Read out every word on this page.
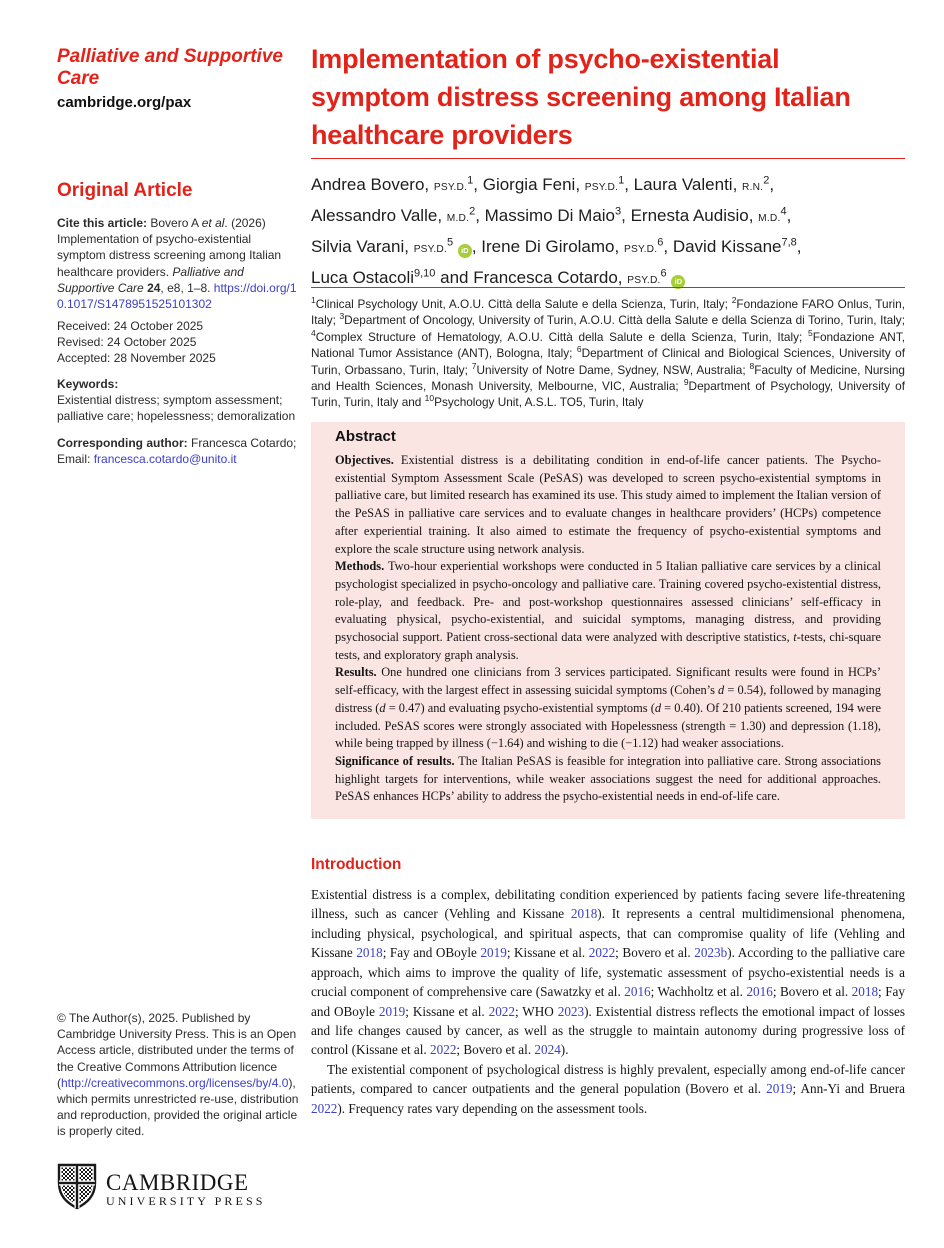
Palliative and Supportive Care
cambridge.org/pax
Original Article
Cite this article: Bovero A et al. (2026) Implementation of psycho-existential symptom distress screening among Italian healthcare providers. Palliative and Supportive Care 24, e8, 1–8. https://doi.org/10.1017/S1478951525101302
Received: 24 October 2025
Revised: 24 October 2025
Accepted: 28 November 2025
Keywords:
Existential distress; symptom assessment; palliative care; hopelessness; demoralization
Corresponding author: Francesca Cotardo;
Email: francesca.cotardo@unito.it
© The Author(s), 2025. Published by Cambridge University Press. This is an Open Access article, distributed under the terms of the Creative Commons Attribution licence (http://creativecommons.org/licenses/by/4.0), which permits unrestricted re-use, distribution and reproduction, provided the original article is properly cited.
CAMBRIDGE
UNIVERSITY PRESS
Implementation of psycho-existential
symptom distress screening among Italian
healthcare providers
Andrea Bovero, PSY.D.$^1$, Giorgia Feni, PSY.D.$^1$, Laura Valenti, R.N.$^2$,
Alessandro Valle, M.D.$^2$, Massimo Di Maio$^3$, Ernesta Audisio, M.D.$^4$,
Silvia Varani, PSY.D.$^5$ iD , Irene Di Girolamo, PSY.D.$^6$, David Kissane$^{7,8}$,
Luca Ostacoli$^{9,10}$ and Francesca Cotardo, PSY.D.$^6$ iD
$^1$Clinical Psychology Unit, A.O.U. Città della Salute e della Scienza, Turin, Italy; $^2$Fondazione FARO Onlus, Turin, Italy; $^3$Department of Oncology, University of Turin, A.O.U. Città della Salute e della Scienza di Torino, Turin, Italy; $^4$Complex Structure of Hematology, A.O.U. Città della Salute e della Scienza, Turin, Italy; $^5$Fondazione ANT, National Tumor Assistance (ANT), Bologna, Italy; $^6$Department of Clinical and Biological Sciences, University of Turin, Orbassano, Turin, Italy; $^7$University of Notre Dame, Sydney, NSW, Australia; $^8$Faculty of Medicine, Nursing and Health Sciences, Monash University, Melbourne, VIC, Australia; $^9$Department of Psychology, University of Turin, Turin, Italy and $^{10}$Psychology Unit, A.S.L. TO5, Turin, Italy
Abstract

Objectives. Existential distress is a debilitating condition in end-of-life cancer patients. The Psycho-existential Symptom Assessment Scale (PeSAS) was developed to screen psycho-existential symptoms in palliative care, but limited research has examined its use. This study aimed to implement the Italian version of the PeSAS in palliative care services and to evaluate changes in healthcare providers’ (HCPs) competence after experiential training. It also aimed to estimate the frequency of psycho-existential symptoms and explore the scale structure using network analysis.

Methods. Two-hour experiential workshops were conducted in 5 Italian palliative care services by a clinical psychologist specialized in psycho-oncology and palliative care. Training covered psycho-existential distress, role-play, and feedback. Pre- and post-workshop questionnaires assessed clinicians’ self-efficacy in evaluating physical, psycho-existential, and suicidal symptoms, managing distress, and providing psychosocial support. Patient cross-sectional data were analyzed with descriptive statistics, t-tests, chi-square tests, and exploratory graph analysis.

Results. One hundred one clinicians from 3 services participated. Significant results were found in HCPs’ self-efficacy, with the largest effect in assessing suicidal symptoms (Cohen’s d = 0.54), followed by managing distress (d = 0.47) and evaluating psycho-existential symptoms (d = 0.40). Of 210 patients screened, 194 were included. PeSAS scores were strongly associated with Hopelessness (strength = 1.30) and depression (1.18), while being trapped by illness (−1.64) and wishing to die (−1.12) had weaker associations.

Significance of results. The Italian PeSAS is feasible for integration into palliative care. Strong associations highlight targets for interventions, while weaker associations suggest the need for additional approaches. PeSAS enhances HCPs’ ability to address the psycho-existential needs in end-of-life care.

Introduction

Existential distress is a complex, debilitating condition experienced by patients facing severe life-threatening illness, such as cancer (Vehling and Kissane 2018). It represents a central multidimensional phenomena, including physical, psychological, and spiritual aspects, that can compromise quality of life (Vehling and Kissane 2018; Fay and OBoyle 2019; Kissane et al. 2022; Bovero et al. 2023b). According to the palliative care approach, which aims to improve the quality of life, systematic assessment of psycho-existential needs is a crucial component of comprehensive care (Sawatzky et al. 2016; Wachholtz et al. 2016; Bovero et al. 2018; Fay and OBoyle 2019; Kissane et al. 2022; WHO 2023). Existential distress reflects the emotional impact of losses and life changes caused by cancer, as well as the struggle to maintain autonomy during progressive loss of control (Kissane et al. 2022; Bovero et al. 2024).

The existential component of psychological distress is highly prevalent, especially among end-of-life cancer patients, compared to cancer outpatients and the general population (Bovero et al. 2019; Ann-Yi and Bruera 2022). Frequency rates vary depending on the assessment tools.
